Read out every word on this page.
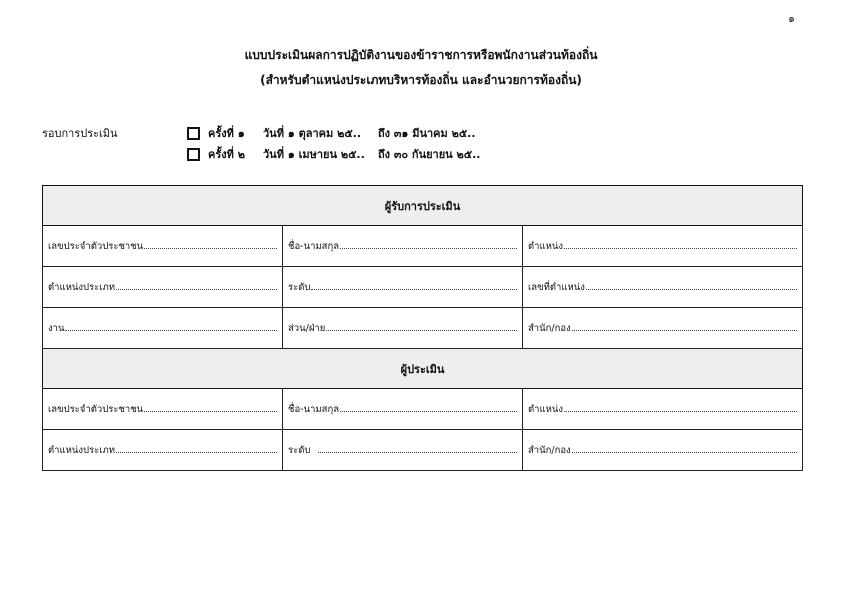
๑
แบบประเมินผลการปฏิบัติงานของข้าราชการหรือพนักงานส่วนท้องถิ่น
(สำหรับตำแหน่งประเภทบริหารท้องถิ่น และอำนวยการท้องถิ่น)
รอบการประเมิน	ครั้งที่ ๑	วันที่ ๑ ตุลาคม ๒๕..	ถึง ๓๑ มีนาคม ๒๕..
ครั้งที่ ๒	วันที่ ๑ เมษายน ๒๕..	ถึง ๓๐ กันยายน ๒๕..
ผู้รับการประเมิน		

เลขประจำตัวประชาชน	ชื่อ-นามสกุล	ตำแหน่ง

ตำแหน่งประเภท	ระดับ	เลขที่ตำแหน่ง

งาน	ส่วน/ฝ่าย	สำนัก/กอง

ผู้ประเมิน		

เลขประจำตัวประชาชน	ชื่อ-นามสกุล	ตำแหน่ง

ตำแหน่งประเภท	ระดับ	สำนัก/กอง
